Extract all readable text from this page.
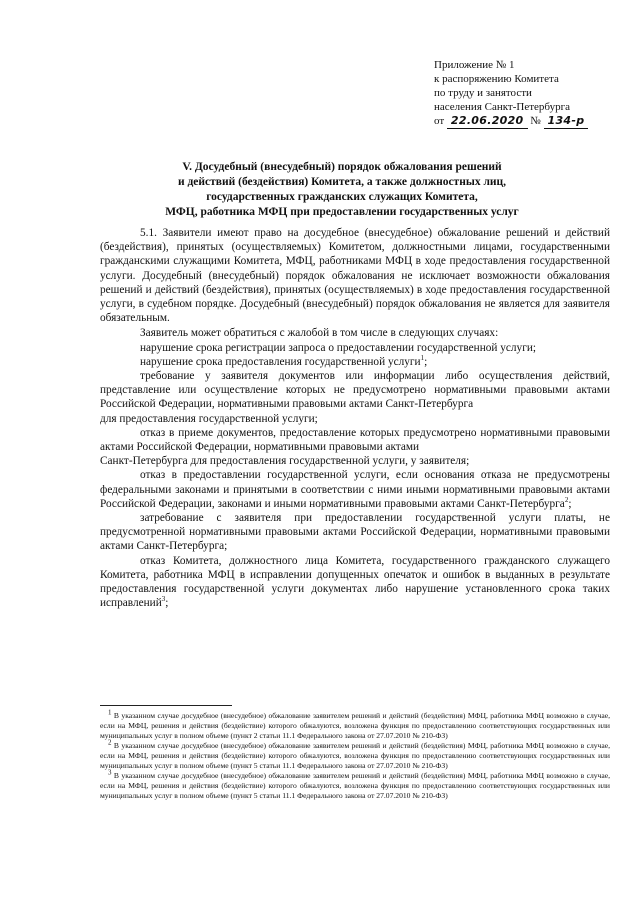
Приложение № 1
к распоряжению Комитета
по труду и занятости
населения Санкт-Петербурга
от 22.06.2020 № 134-р
V. Досудебный (внесудебный) порядок обжалования решений
и действий (бездействия) Комитета, а также должностных лиц,
государственных гражданских служащих Комитета,
МФЦ, работника МФЦ при предоставлении государственных услуг

5.1. Заявители имеют право на досудебное (внесудебное) обжалование решений и действий (бездействия), принятых (осуществляемых) Комитетом, должностными лицами, государственными гражданскими служащими Комитета, МФЦ, работниками МФЦ в ходе предоставления государственной услуги. Досудебный (внесудебный) порядок обжалования не исключает возможности обжалования решений и действий (бездействия), принятых (осуществляемых) в ходе предоставления государственной услуги, в судебном порядке. Досудебный (внесудебный) порядок обжалования не является для заявителя обязательным.

Заявитель может обратиться с жалобой в том числе в следующих случаях:

нарушение срока регистрации запроса о предоставлении государственной услуги;

нарушение срока предоставления государственной услуги$^1$;

требование у заявителя документов или информации либо осуществления действий, представление или осуществление которых не предусмотрено нормативными правовыми актами Российской Федерации, нормативными правовыми актами Санкт-Петербурга

для предоставления государственной услуги;

отказ в приеме документов, предоставление которых предусмотрено нормативными правовыми актами Российской Федерации, нормативными правовыми актами

Санкт-Петербурга для предоставления государственной услуги, у заявителя;

отказ в предоставлении государственной услуги, если основания отказа не предусмотрены федеральными законами и принятыми в соответствии с ними иными нормативными правовыми актами Российской Федерации, законами и иными нормативными правовыми актами Санкт-Петербурга$^2$;

затребование с заявителя при предоставлении государственной услуги платы, не предусмотренной нормативными правовыми актами Российской Федерации, нормативными правовыми актами Санкт-Петербурга;

отказ Комитета, должностного лица Комитета, государственного гражданского служащего Комитета, работника МФЦ в исправлении допущенных опечаток и ошибок в выданных в результате предоставления государственной услуги документах либо нарушение установленного срока таких исправлений$^3$;

$^1$ В указанном случае досудебное (внесудебное) обжалование заявителем решений и действий (бездействия) МФЦ, работника МФЦ возможно в случае, если на МФЦ, решения и действия (бездействие) которого обжалуются, возложена функция по предоставлению соответствующих государственных или муниципальных услуг в полном объеме (пункт 2 статьи 11.1 Федерального закона от 27.07.2010 № 210-ФЗ)

$^2$ В указанном случае досудебное (внесудебное) обжалование заявителем решений и действий (бездействия) МФЦ, работника МФЦ возможно в случае, если на МФЦ, решения и действия (бездействие) которого обжалуются, возложена функция по предоставлению соответствующих государственных или муниципальных услуг в полном объеме (пункт 5 статьи 11.1 Федерального закона от 27.07.2010 № 210-ФЗ)

$^3$ В указанном случае досудебное (внесудебное) обжалование заявителем решений и действий (бездействия) МФЦ, работника МФЦ возможно в случае, если на МФЦ, решения и действия (бездействие) которого обжалуются, возложена функция по предоставлению соответствующих государственных или муниципальных услуг в полном объеме (пункт 5 статьи 11.1 Федерального закона от 27.07.2010 № 210-ФЗ)
